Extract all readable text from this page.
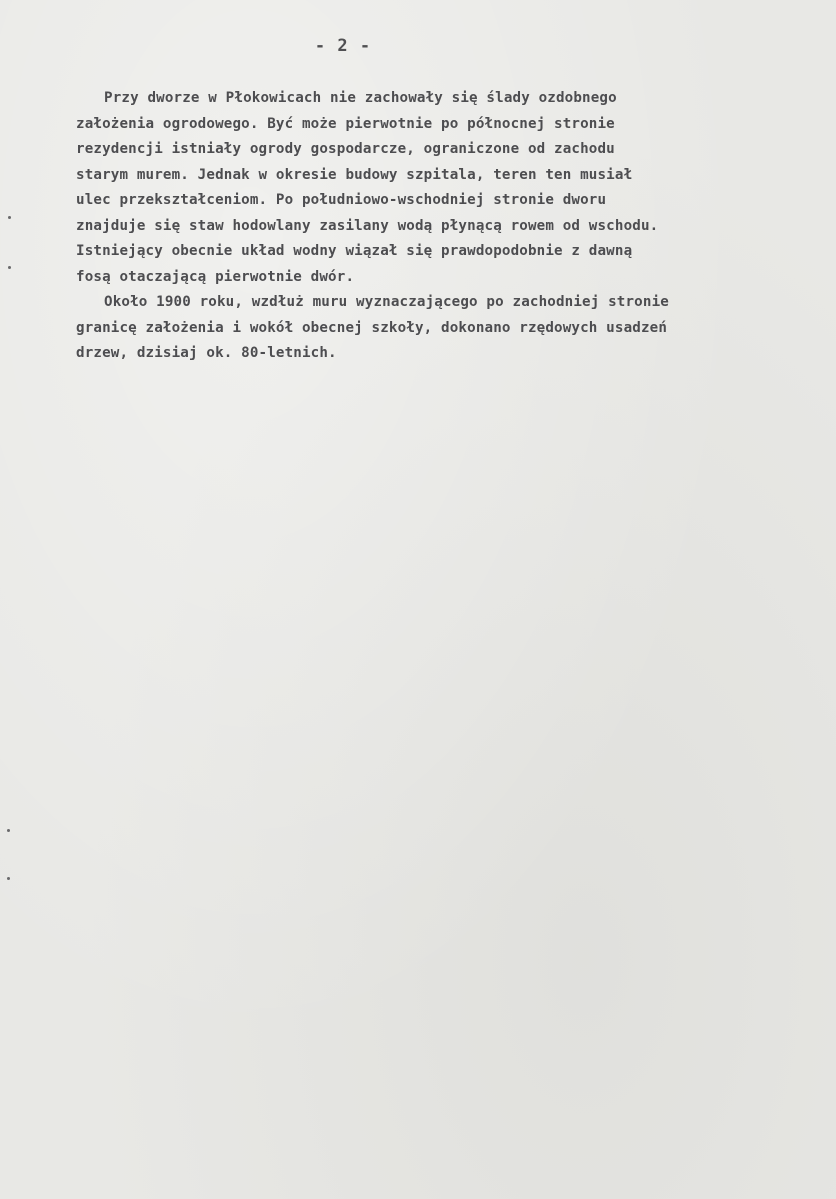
- 2 -
Przy dworze w Płokowicach nie zachowały się ślady ozdobnego
założenia ogrodowego. Być może pierwotnie po północnej stronie
rezydencji istniały ogrody gospodarcze, ograniczone od zachodu
starym murem. Jednak w okresie budowy szpitala, teren ten musiał
ulec przekształceniom. Po południowo-wschodniej stronie dworu
znajduje się staw hodowlany zasilany wodą płynącą rowem od wschodu.
Istniejący obecnie układ wodny wiązał się prawdopodobnie z dawną
fosą otaczającą pierwotnie dwór.
Około 1900 roku, wzdłuż muru wyznaczającego po zachodniej stronie
granicę założenia i wokół obecnej szkoły, dokonano rzędowych usadzeń
drzew, dzisiaj ok. 80-letnich.
